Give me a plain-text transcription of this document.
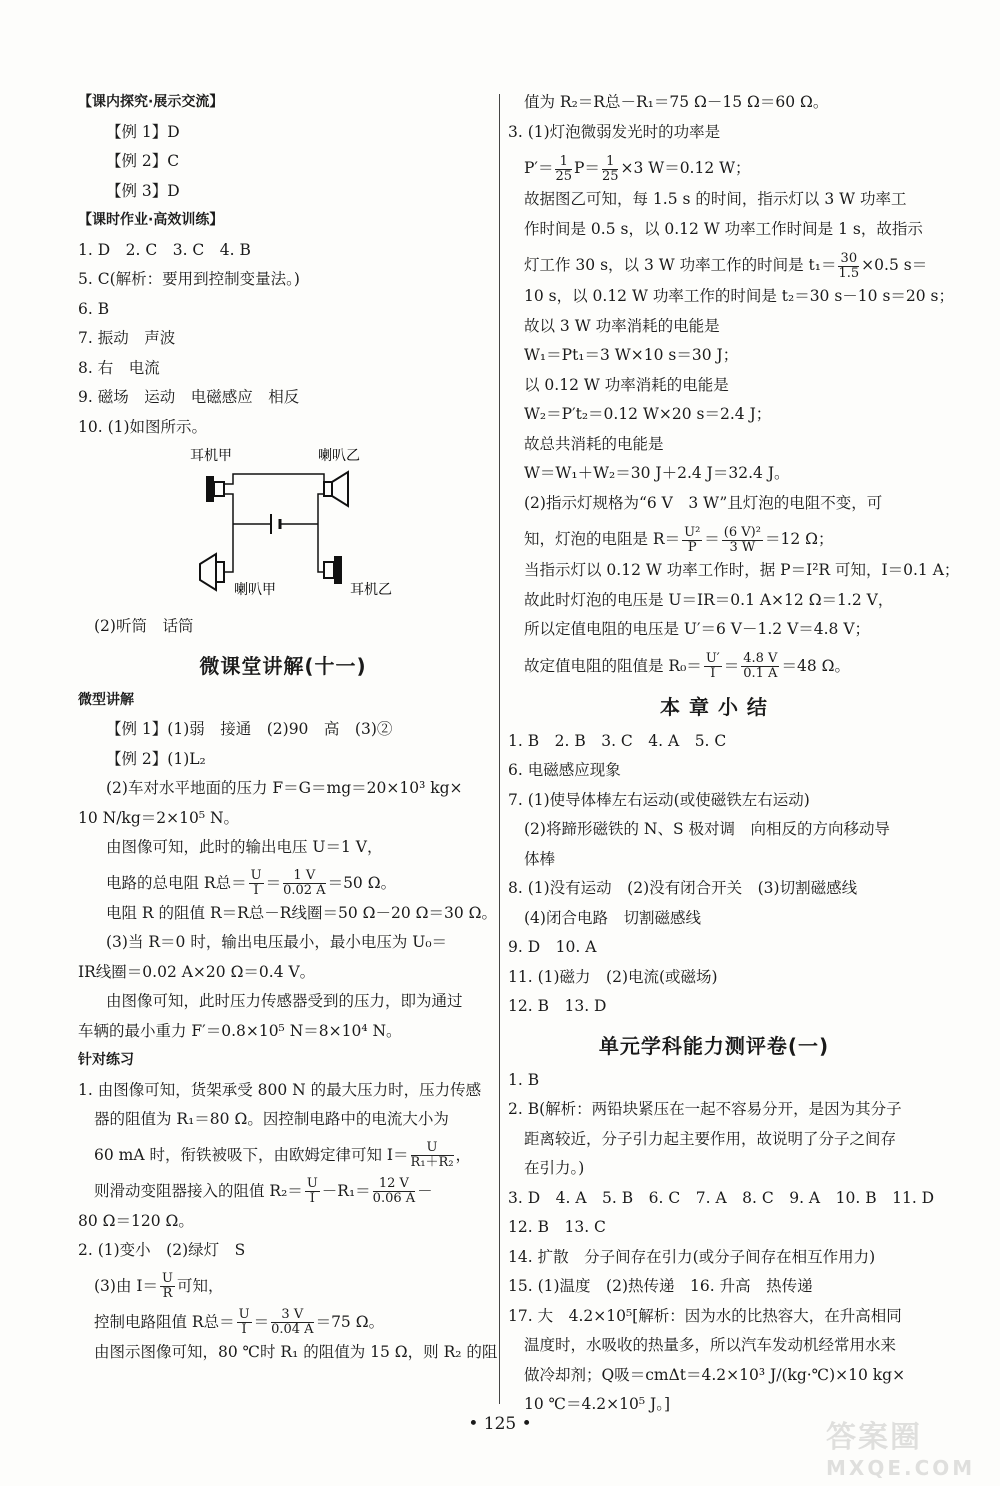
【课内探究·展示交流】
【例 1】D
【例 2】C
【例 3】D
【课时作业·高效训练】
1. D　2. C　3. C　4. B
5. C(解析：要用到控制变量法。)
6. B
7. 振动　声波
8. 右　电流
9. 磁场　运动　电磁感应　相反
10. (1)如图所示。
耳机甲	喇叭乙
喇叭甲	耳机乙
(2)听筒　话筒
微课堂讲解(十一)
微型讲解
【例 1】(1)弱　接通　(2)90　高　(3)②
【例 2】(1)L₂
(2)车对水平地面的压力 F＝G＝mg＝20×10³ kg×
10 N/kg＝2×10⁵ N。
由图像可知，此时的输出电压 U＝1 V，
电路的总电阻 R总＝ $\frac{U}{I} = \frac{1 V}{0.02 A} =50$ Ω。
电阻 R 的阻值 R＝R总－R线圈＝50 Ω－20 Ω＝30 Ω。
(3)当 R＝0 时，输出电压最小，最小电压为 U₀＝
IR线圈＝0.02 A×20 Ω＝0.4 V。
由图像可知，此时压力传感器受到的压力，即为通过
车辆的最小重力 F′＝0.8×10⁵ N＝8×10⁴ N。
针对练习
1. 由图像可知，货架承受 800 N 的最大压力时，压力传感
器的阻值为 R₁＝80 Ω。因控制电路中的电流大小为
60 mA 时，衔铁被吸下，由欧姆定律可知 $I= \frac{U}{\text{R₁＋R₂}}$ ，
则滑动变阻器接入的阻值 $R_2= \frac{U}{I} -R_1= \frac{12 V}{0.06 A}$ －
80 Ω＝120 Ω。
2. (1)变小　(2)绿灯　S
(3)由 $I= \frac{U}{R}$ 可知，
控制电路阻值 R总＝ $\frac{U}{I} = \frac{3 V}{0.04 A} =75$ Ω。
由图示图像可知，80 ℃时 R₁ 的阻值为 15 Ω，则 R₂ 的阻
值为 R₂＝R总－R₁＝75 Ω－15 Ω＝60 Ω。
3. (1)灯泡微弱发光时的功率是
$P'= \frac{1}{25} P= \frac{1}{25} \times 3$ W＝0.12 W；
故据图乙可知，每 1.5 s 的时间，指示灯以 3 W 功率工
作时间是 0.5 s，以 0.12 W 功率工作时间是 1 s，故指示
灯工作 30 s，以 3 W 功率工作的时间是 $t_1= \frac{30}{1.5} \times 0.5$ s＝
10 s，以 0.12 W 功率工作的时间是 t₂＝30 s－10 s＝20 s；
故以 3 W 功率消耗的电能是
W₁＝Pt₁＝3 W×10 s＝30 J；
以 0.12 W 功率消耗的电能是
W₂＝P′t₂＝0.12 W×20 s＝2.4 J；
故总共消耗的电能是
W＝W₁＋W₂＝30 J＋2.4 J＝32.4 J。
(2)指示灯规格为“6 V　3 W”且灯泡的电阻不变，可
知，灯泡的电阻是 $R= \frac{\text{U²}}{P} = \frac{\text{(6 V)²}}{3 W} =12$ Ω；
当指示灯以 0.12 W 功率工作时，据 P＝I²R 可知，I＝0.1 A；
故此时灯泡的电压是 U＝IR＝0.1 A×12 Ω＝1.2 V，
所以定值电阻的电压是 U′＝6 V－1.2 V＝4.8 V；
故定值电阻的阻值是 $R_0= \frac{U'}{I} = \frac{4.8 V}{0.1 A} =48$ Ω。
本 章 小 结
1. B　2. B　3. C　4. A　5. C
6. 电磁感应现象
7. (1)使导体棒左右运动(或使磁铁左右运动)
(2)将蹄形磁铁的 N、S 极对调　向相反的方向移动导
体棒
8. (1)没有运动　(2)没有闭合开关　(3)切割磁感线
(4)闭合电路　切割磁感线
9. D　10. A
11. (1)磁力　(2)电流(或磁场)
12. B　13. D
单元学科能力测评卷(一)
1. B
2. B(解析：两铅块紧压在一起不容易分开，是因为其分子
距离较近，分子引力起主要作用，故说明了分子之间存
在引力。)
3. D　4. A　5. B　6. C　7. A　8. C　9. A　10. B　11. D
12. B　13. C
14. 扩散　分子间存在引力(或分子间存在相互作用力)
15. (1)温度　(2)热传递　16. 升高　热传递
17. 大　4.2×10⁵[解析：因为水的比热容大，在升高相同
温度时，水吸收的热量多，所以汽车发动机经常用水来
做冷却剂；Q吸＝cmΔt＝4.2×10³ J/(kg·℃)×10 kg×
10 ℃＝4.2×10⁵ J。]
• 125 •	答案圈
MXQE.COM
